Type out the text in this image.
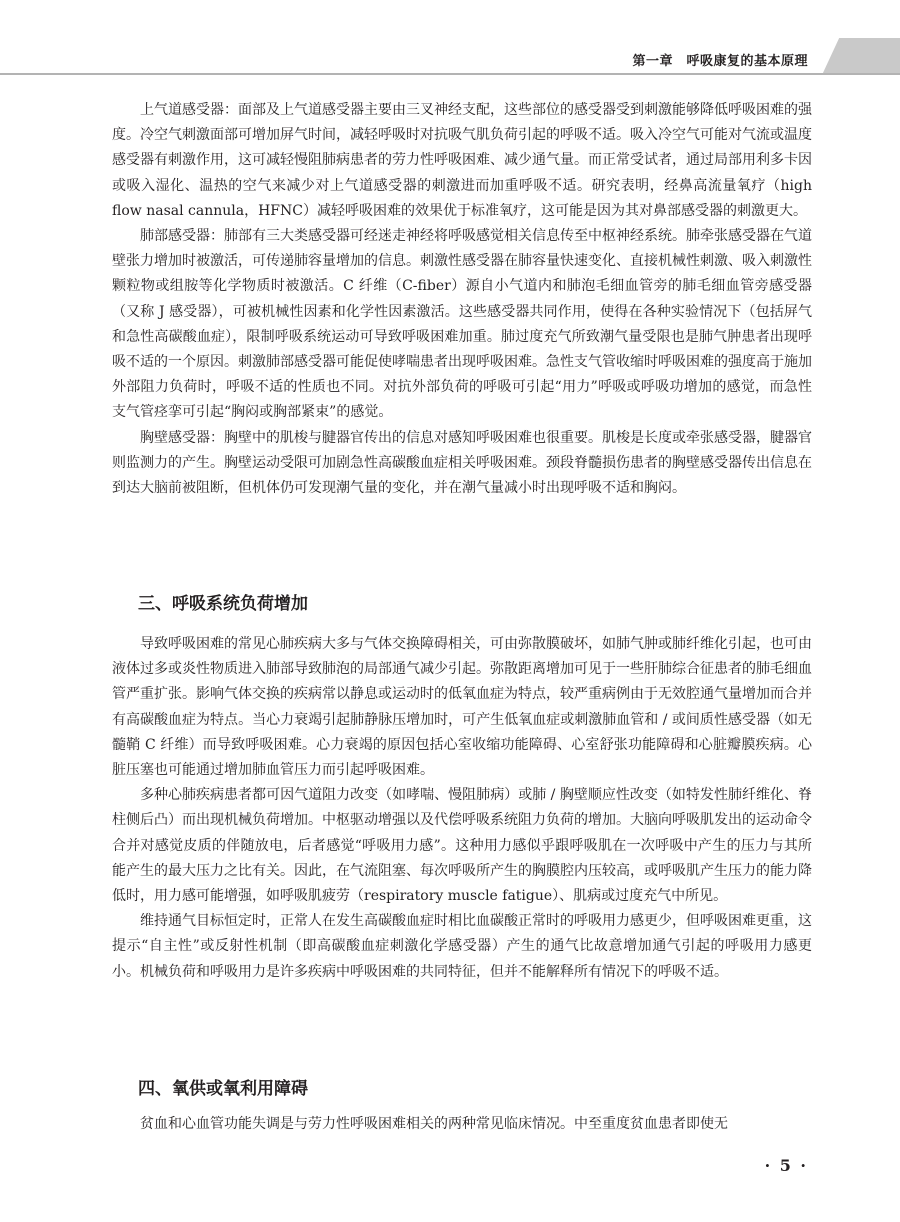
第一章　呼吸康复的基本原理

上气道感受器：面部及上气道感受器主要由三叉神经支配，这些部位的感受器受到刺激能够降低呼吸困难的强度。冷空气刺激面部可增加屏气时间，减轻呼吸时对抗吸气肌负荷引起的呼吸不适。吸入冷空气可能对气流或温度感受器有刺激作用，这可减轻慢阻肺病患者的劳力性呼吸困难、减少通气量。而正常受试者，通过局部用利多卡因或吸入湿化、温热的空气来减少对上气道感受器的刺激进而加重呼吸不适。研究表明，经鼻高流量氧疗（high flow nasal cannula，HFNC）减轻呼吸困难的效果优于标准氧疗，这可能是因为其对鼻部感受器的刺激更大。

肺部感受器：肺部有三大类感受器可经迷走神经将呼吸感觉相关信息传至中枢神经系统。肺牵张感受器在气道壁张力增加时被激活，可传递肺容量增加的信息。刺激性感受器在肺容量快速变化、直接机械性刺激、吸入刺激性颗粒物或组胺等化学物质时被激活。C 纤维（C-fiber）源自小气道内和肺泡毛细血管旁的肺毛细血管旁感受器（又称 J 感受器），可被机械性因素和化学性因素激活。这些感受器共同作用，使得在各种实验情况下（包括屏气和急性高碳酸血症），限制呼吸系统运动可导致呼吸困难加重。肺过度充气所致潮气量受限也是肺气肿患者出现呼吸不适的一个原因。刺激肺部感受器可能促使哮喘患者出现呼吸困难。急性支气管收缩时呼吸困难的强度高于施加外部阻力负荷时，呼吸不适的性质也不同。对抗外部负荷的呼吸可引起“用力”呼吸或呼吸功增加的感觉，而急性支气管痉挛可引起“胸闷或胸部紧束”的感觉。

胸壁感受器：胸壁中的肌梭与腱器官传出的信息对感知呼吸困难也很重要。肌梭是长度或牵张感受器，腱器官则监测力的产生。胸壁运动受限可加剧急性高碳酸血症相关呼吸困难。颈段脊髓损伤患者的胸壁感受器传出信息在到达大脑前被阻断，但机体仍可发现潮气量的变化，并在潮气量减小时出现呼吸不适和胸闷。

三、呼吸系统负荷增加

导致呼吸困难的常见心肺疾病大多与气体交换障碍相关，可由弥散膜破坏，如肺气肿或肺纤维化引起，也可由液体过多或炎性物质进入肺部导致肺泡的局部通气减少引起。弥散距离增加可见于一些肝肺综合征患者的肺毛细血管严重扩张。影响气体交换的疾病常以静息或运动时的低氧血症为特点，较严重病例由于无效腔通气量增加而合并有高碳酸血症为特点。当心力衰竭引起肺静脉压增加时，可产生低氧血症或刺激肺血管和 / 或间质性感受器（如无髓鞘 C 纤维）而导致呼吸困难。心力衰竭的原因包括心室收缩功能障碍、心室舒张功能障碍和心脏瓣膜疾病。心脏压塞也可能通过增加肺血管压力而引起呼吸困难。

多种心肺疾病患者都可因气道阻力改变（如哮喘、慢阻肺病）或肺 / 胸壁顺应性改变（如特发性肺纤维化、脊柱侧后凸）而出现机械负荷增加。中枢驱动增强以及代偿呼吸系统阻力负荷的增加。大脑向呼吸肌发出的运动命令合并对感觉皮质的伴随放电，后者感觉“呼吸用力感”。这种用力感似乎跟呼吸肌在一次呼吸中产生的压力与其所能产生的最大压力之比有关。因此，在气流阻塞、每次呼吸所产生的胸膜腔内压较高，或呼吸肌产生压力的能力降低时，用力感可能增强，如呼吸肌疲劳（respiratory muscle fatigue）、肌病或过度充气中所见。

维持通气目标恒定时，正常人在发生高碳酸血症时相比血碳酸正常时的呼吸用力感更少，但呼吸困难更重，这提示“自主性”或反射性机制（即高碳酸血症刺激化学感受器）产生的通气比故意增加通气引起的呼吸用力感更小。机械负荷和呼吸用力是许多疾病中呼吸困难的共同特征，但并不能解释所有情况下的呼吸不适。

四、氧供或氧利用障碍

贫血和心血管功能失调是与劳力性呼吸困难相关的两种常见临床情况。中至重度贫血患者即使无

· 5 ·
